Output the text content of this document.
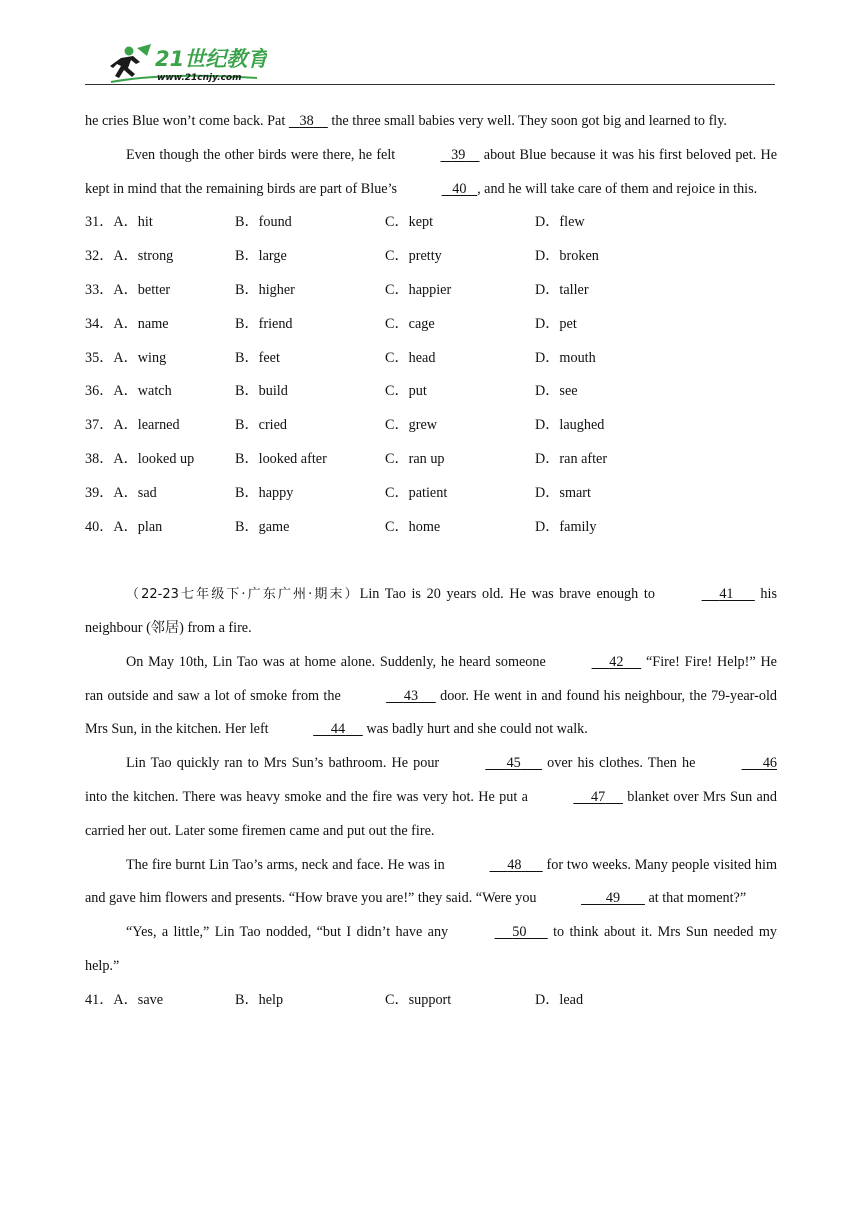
21世纪教育
www.21cnjy.com

he cries Blue won’t come back. Pat    38     the three small babies very well. They soon got big and learned to fly.

Even though the other birds were there, he felt	39     about Blue because it was his first beloved pet. He kept in mind that the remaining birds are part of Blue’s	40 , and he will take care of them and rejoice in this.

31．A．hit	B．found	C．kept	D．flew
32．A．strong	B．large	C．pretty	D．broken
33．A．better	B．higher	C．happier	D．taller
34．A．name	B．friend	C．cage	D．pet
35．A．wing	B．feet	C．head	D．mouth
36．A．watch	B．build	C．put	D．see
37．A．learned	B．cried	C．grew	D．laughed
38．A．looked up	B．looked after	C．ran up	D．ran after
39．A．sad	B．happy	C．patient	D．smart
40．A．plan	B．game	C．home	D．family

（22-23七年级下·广东广州·期末）Lin Tao is 20 years old. He was brave enough to	41       his neighbour (邻居) from a fire.

On May 10th, Lin Tao was at home alone. Suddenly, he heard someone	42      “Fire! Fire! Help!” He ran outside and saw a lot of smoke from the	43      door. He went in and found his neighbour, the 79-year-old Mrs Sun, in the kitchen. Her left	44      was badly hurt and she could not walk.

Lin Tao quickly ran to Mrs Sun’s bathroom. He pour	45       over his clothes. Then he	46 into the kitchen. There was heavy smoke and the fire was very hot. He put a	47      blanket over Mrs Sun and carried her out. Later some firemen came and put out the fire.

The fire burnt Lin Tao’s arms, neck and face. He was in	48       for two weeks. Many people visited him and gave him flowers and presents. “How brave you are!” they said. “Were you	49        at that moment?”

“Yes, a little,” Lin Tao nodded, “but I didn’t have any	50       to think about it. Mrs Sun needed my help.”

41．A．save	B．help	C．support	D．lead
